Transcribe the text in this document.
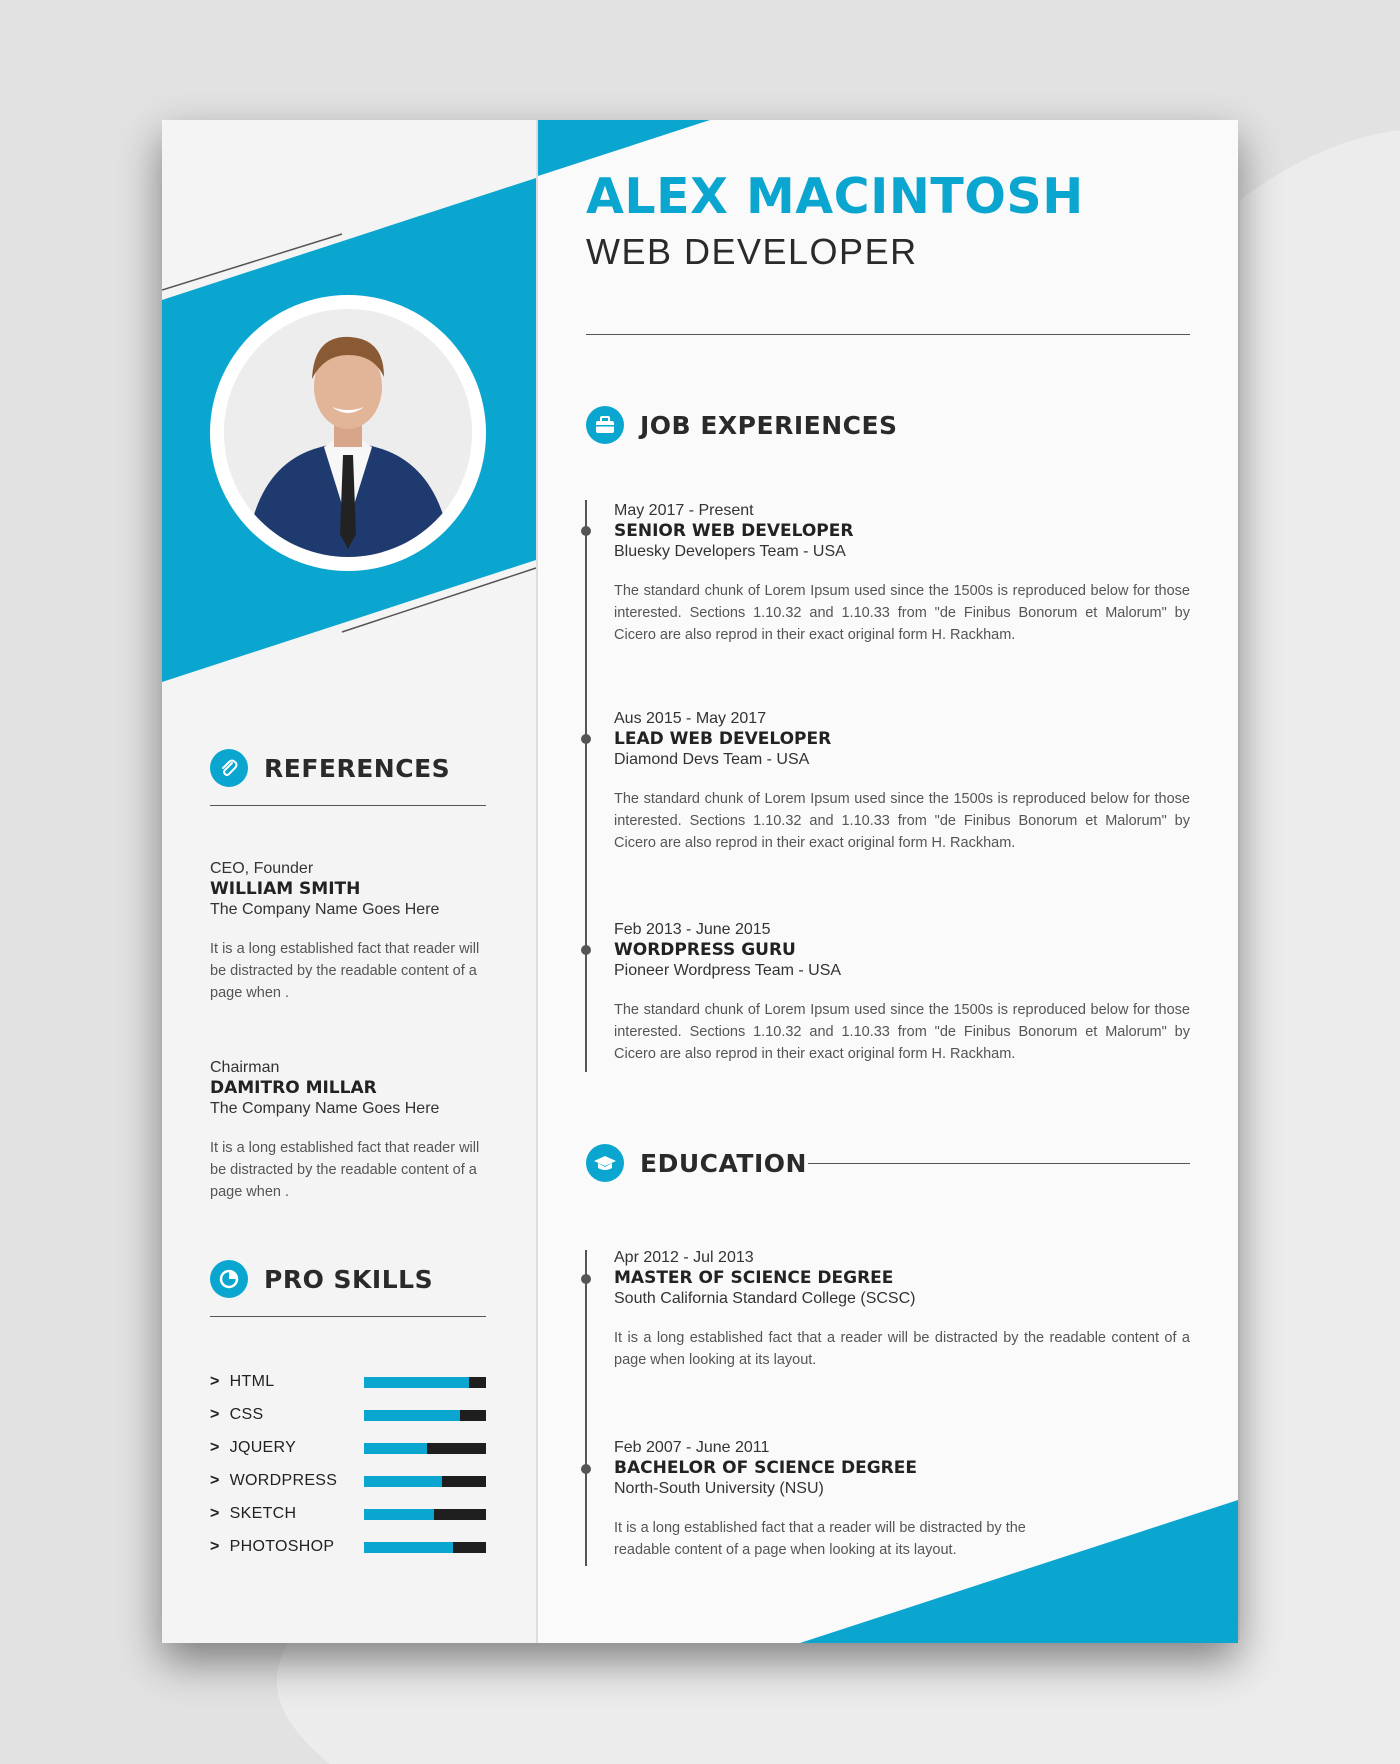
REFERENCES
CEO, Founder
WILLIAM SMITH
The Company Name Goes Here
It is a long established fact that reader will be distracted by the readable content of a page when .
Chairman
DAMITRO MILLAR
The Company Name Goes Here
It is a long established fact that reader will be distracted by the readable content of a page when .
PRO SKILLS
> HTML
> CSS
> JQUERY
> WORDPRESS
> SKETCH
> PHOTOSHOP
ALEX MACINTOSH
WEB DEVELOPER
JOB EXPERIENCES
May 2017 - Present
SENIOR WEB DEVELOPER
Bluesky Developers Team - USA
The standard chunk of Lorem Ipsum used since the 1500s is reproduced below for those interested. Sections 1.10.32 and 1.10.33 from "de Finibus Bonorum et Malorum" by Cicero are also reprod in their exact original form H. Rackham.
Aus 2015 - May 2017
LEAD WEB DEVELOPER
Diamond Devs Team - USA
The standard chunk of Lorem Ipsum used since the 1500s is reproduced below for those interested. Sections 1.10.32 and 1.10.33 from "de Finibus Bonorum et Malorum" by Cicero are also reprod in their exact original form H. Rackham.
Feb 2013 - June 2015
WORDPRESS GURU
Pioneer Wordpress Team - USA
The standard chunk of Lorem Ipsum used since the 1500s is reproduced below for those interested. Sections 1.10.32 and 1.10.33 from "de Finibus Bonorum et Malorum" by Cicero are also reprod in their exact original form H. Rackham.
EDUCATION
Apr 2012 - Jul 2013
MASTER OF SCIENCE DEGREE
South California Standard College (SCSC)
It is a long established fact that a reader will be distracted by the readable content of a page when looking at its layout.
Feb 2007 - June 2011
BACHELOR OF SCIENCE DEGREE
North-South University (NSU)
It is a long established fact that a reader will be distracted by the readable content of a page when looking at its layout.
